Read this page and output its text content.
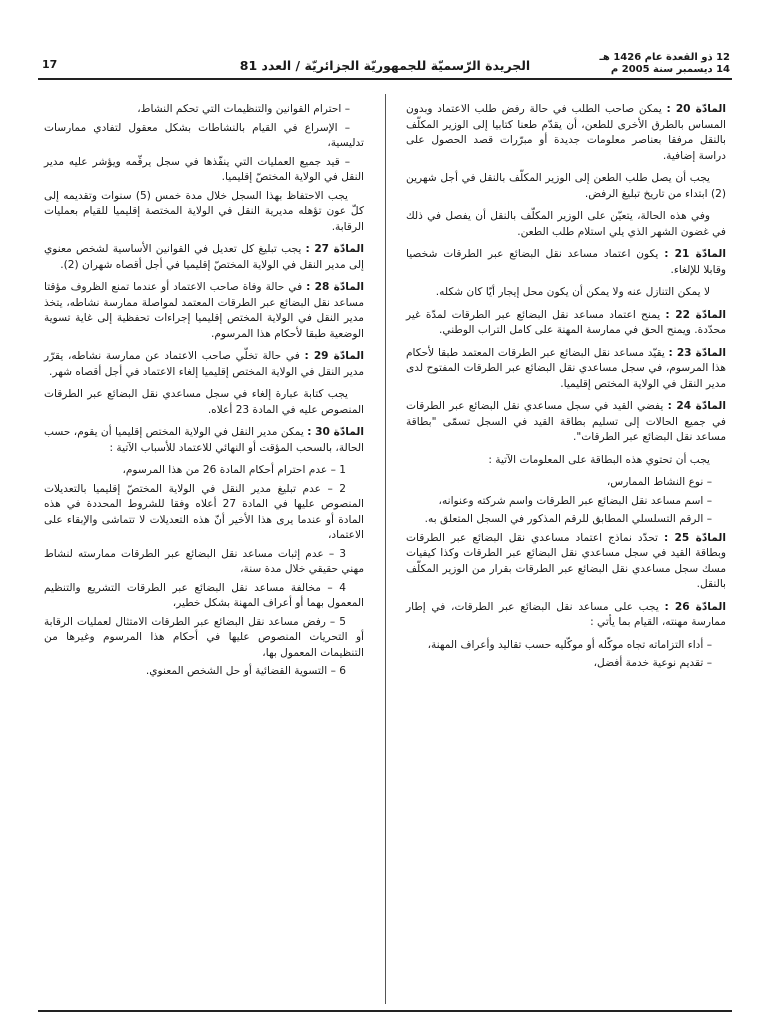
12 ذو القعدة عام 1426 هـ
14 ديسمبر سنة 2005 م
الجريدة الرّسميّة للجمهوريّة الجزائريّة / العدد 81
17

المادّة 20 : يمكن صاحب الطلب في حالة رفض طلب الاعتماد وبدون المساس بالطرق الأخرى للطعن، أن يقدّم طعنا كتابيا إلى الوزير المكلّف بالنقل مرفقا بعناصر معلومات جديدة أو مبرّرات قصد الحصول على دراسة إضافية.

يجب أن يصل طلب الطعن إلى الوزير المكلّف بالنقل في أجل شهرين (2) ابتداء من تاريخ تبليغ الرفض.

وفي هذه الحالة، يتعيّن على الوزير المكلّف بالنقل أن يفصل في ذلك في غضون الشهر الذي يلي استلام طلب الطعن.

المادّة 21 : يكون اعتماد مساعد نقل البضائع عبر الطرقات شخصيا وقابلا للإلغاء.

لا يمكن التنازل عنه ولا يمكن أن يكون محل إيجار أيّا كان شكله.

المادّة 22 : يمنح اعتماد مساعد نقل البضائع عبر الطرقات لمدّة غير محدّدة. ويمنح الحق في ممارسة المهنة على كامل التراب الوطني.

المادّة 23 : يقيّد مساعد نقل البضائع عبر الطرقات المعتمد طبقا لأحكام هذا المرسوم، في سجل مساعدي نقل البضائع عبر الطرقات المفتوح لدى مدير النقل في الولاية المختص إقليميا.

المادّة 24 : يفضي القيد في سجل مساعدي نقل البضائع عبر الطرقات في جميع الحالات إلى تسليم بطاقة القيد في السجل تسمّى "بطاقة مساعد نقل البضائع عبر الطرقات".

يجب أن تحتوي هذه البطاقة على المعلومات الآتية :

– نوع النشاط الممارس،

– اسم مساعد نقل البضائع عبر الطرقات واسم شركته وعنوانه،

– الرقم التسلسلي المطابق للرقم المذكور في السجل المتعلق به.

المادّة 25 : تحدّد نماذج اعتماد مساعدي نقل البضائع عبر الطرقات وبطاقة القيد في سجل مساعدي نقل البضائع عبر الطرقات وكذا كيفيات مسك سجل مساعدي نقل البضائع عبر الطرقات بقرار من الوزير المكلّف بالنقل.

المادّة 26 : يجب على مساعد نقل البضائع عبر الطرقات، في إطار ممارسة مهنته، القيام بما يأتي :

– أداء التزاماته تجاه موكّله أو موكّليه حسب تقاليد وأعراف المهنة،

– تقديم نوعية خدمة أفضل،

– احترام القوانين والتنظيمات التي تحكم النشاط،

– الإسراع في القيام بالنشاطات بشكل معقول لتفادي ممارسات تدليسية،

– قيد جميع العمليات التي ينفّذها في سجل يرقّمه ويؤشر عليه مدير النقل في الولاية المختصّ إقليميا.

يجب الاحتفاظ بهذا السجل خلال مدة خمس (5) سنوات وتقديمه إلى كلّ عون تؤهله مديرية النقل في الولاية المختصة إقليميا للقيام بعمليات الرقابة.

المادّة 27 : يجب تبليغ كل تعديل في القوانين الأساسية لشخص معنوي إلى مدير النقل في الولاية المختصّ إقليميا في أجل أقصاه شهران (2).

المادّة 28 : في حالة وفاة صاحب الاعتماد أو عندما تمنع الظروف مؤقتا مساعد نقل البضائع عبر الطرقات المعتمد لمواصلة ممارسة نشاطه، يتخذ مدير النقل في الولاية المختص إقليميا إجراءات تحفظية إلى غاية تسوية الوضعية طبقا لأحكام هذا المرسوم.

المادّة 29 : في حالة تخلّي صاحب الاعتماد عن ممارسة نشاطه، يقرّر مدير النقل في الولاية المختص إقليميا إلغاء الاعتماد في أجل أقصاه شهر.

يجب كتابة عبارة إلغاء في سجل مساعدي نقل البضائع عبر الطرقات المنصوص عليه في المادة 23 أعلاه.

المادّة 30 : يمكن مدير النقل في الولاية المختص إقليميا أن يقوم، حسب الحالة، بالسحب المؤقت أو النهائي للاعتماد للأسباب الآتية :

1 – عدم احترام أحكام المادة 26 من هذا المرسوم،

2 – عدم تبليغ مدير النقل في الولاية المختصّ إقليميا بالتعديلات المنصوص عليها في المادة 27 أعلاه وفقا للشروط المحددة في هذه المادة أو عندما يرى هذا الأخير أنّ هذه التعديلات لا تتماشى والإبقاء على الاعتماد،

3 – عدم إثبات مساعد نقل البضائع عبر الطرقات ممارسته لنشاط مهني حقيقي خلال مدة سنة،

4 – مخالفة مساعد نقل البضائع عبر الطرقات التشريع والتنظيم المعمول بهما أو أعراف المهنة بشكل خطير،

5 – رفض مساعد نقل البضائع عبر الطرقات الامتثال لعمليات الرقابة أو التحريات المنصوص عليها في أحكام هذا المرسوم وغيرها من التنظيمات المعمول بها،

6 – التسوية القضائية أو حل الشخص المعنوي.
